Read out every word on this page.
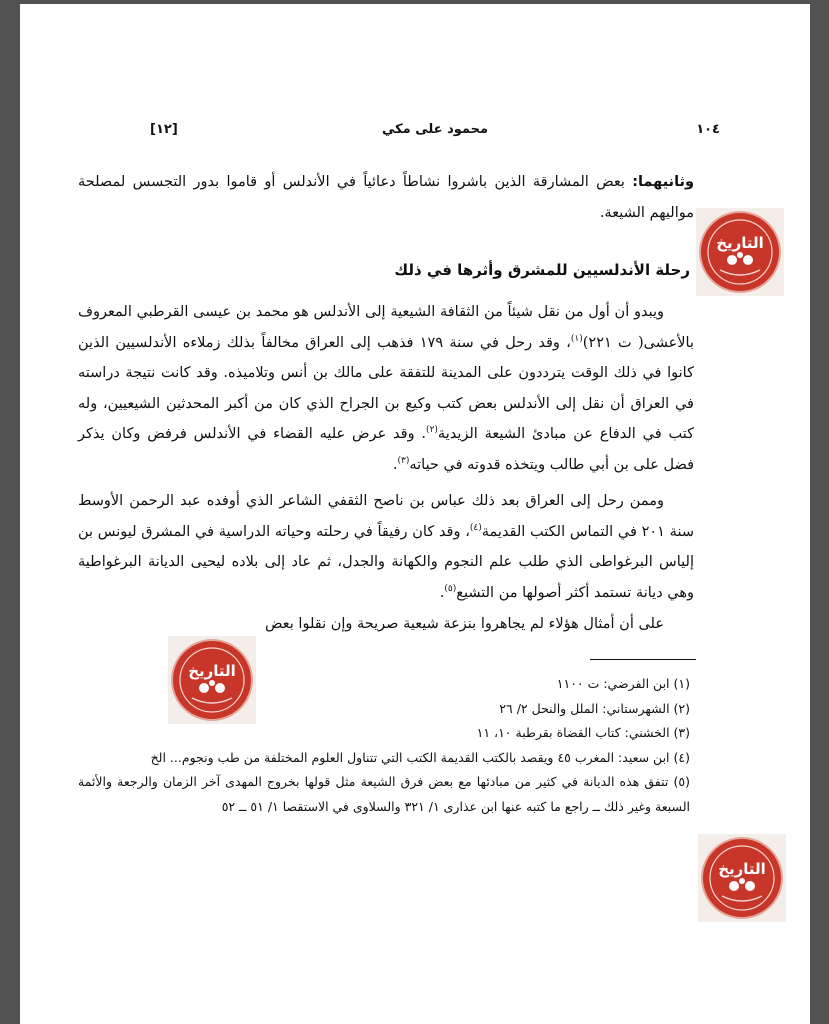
١٠٤
محمود على مكي
[١٢]
وثانيهما: بعض المشارقة الذين باشروا نشاطاً دعائياً في الأندلس أو قاموا بدور التجسس لمصلحة مواليهم الشيعة.
رحلة الأندلسيين للمشرق وأثرها في ذلك
ويبدو أن أول من نقل شيئاً من الثقافة الشيعية إلى الأندلس هو محمد بن عيسى القرطبي المعروف بالأعشى( ت ٢٢١)$^{(١)}$، وقد رحل في سنة ١٧٩ فذهب إلى العراق مخالفاً بذلك زملاءه الأندلسيين الذين كانوا في ذلك الوقت يترددون على المدينة للتفقة على مالك بن أنس وتلاميذه. وقد كانت نتيجة دراسته في العراق أن نقل إلى الأندلس بعض كتب وكيع بن الجراح الذي كان من أكبر المحدثين الشيعيين، وله كتب في الدفاع عن مبادئ الشيعة الزيدية$^{(٢)}$. وقد عرض عليه القضاء في الأندلس فرفض وكان يذكر فضل على بن أبي طالب ويتخذه قدوته في حياته$^{(٣)}$.
وممن رحل إلى العراق بعد ذلك عباس بن ناصح الثقفي الشاعر الذي أوفده عبد الرحمن الأوسط سنة ٢٠١ في التماس الكتب القديمة$^{(٤)}$، وقد كان رفيقاً في رحلته وحياته الدراسية في المشرق ليونس بن إلياس البرغواطى الذي طلب علم النجوم والكهانة والجدل، ثم عاد إلى بلاده ليحيى الديانة البرغواطية وهي ديانة تستمد أكثر أصولها من التشيع$^{(٥)}$.
على أن أمثال هؤلاء لم يجاهروا بنزعة شيعية صريحة وإن نقلوا بعض
(١) ابن الفرضي: ت ١١٠٠
(٢) الشهرستاني: الملل والنحل ٢/ ٢٦
(٣) الخشني: كتاب القضاة بقرطبة ١٠، ١١
(٤) ابن سعيد: المغرب ٤٥ ويقصد بالكتب القديمة الكتب التي تتناول العلوم المختلفة من طب ونجوم... الخ
(٥) تتفق هذه الديانة في كثير من مبادئها مع بعض فرق الشيعة مثل قولها بخروج المهدى آخر الزمان والرجعة والأئمة السبعة وغير ذلك ــ راجع ما كتبه عنها ابن عذارى ١/ ٣٢١ والسلاوى في الاستقصا ١/ ٥١ ــ ٥٢
التاريخ
التاريخ
التاريخ
